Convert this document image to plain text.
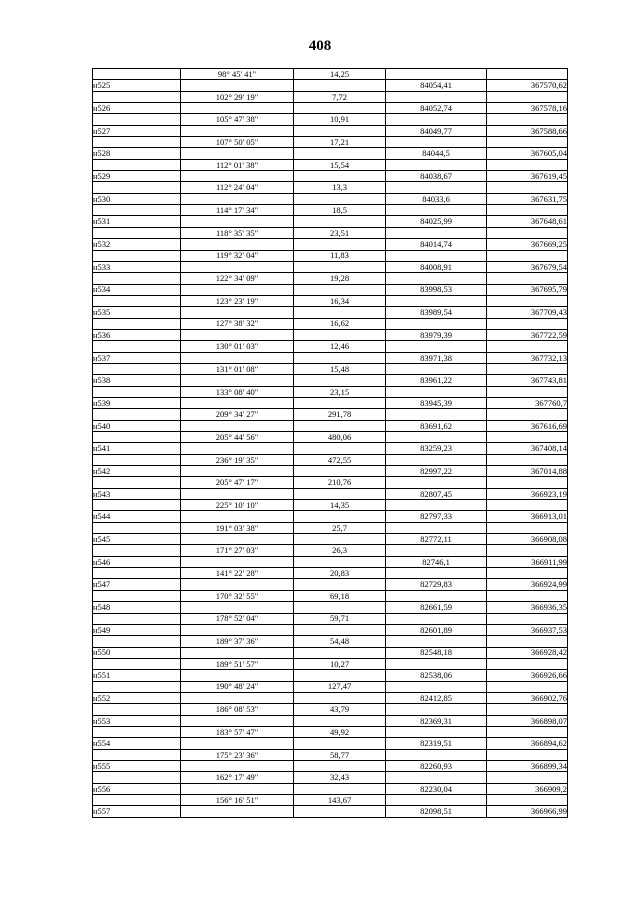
408
	98° 45' 41"	14,25		
н525			84054,41	367570,62
	102° 29' 19"	7,72		
н526			84052,74	367578,16
	105° 47' 38"	10,91		
н527			84049,77	367588,66
	107° 50' 05"	17,21		
н528			84044,5	367605,04
	112° 01' 38"	15,54		
н529			84038,67	367619,45
	112° 24' 04"	13,3		
н530			84033,6	367631,75
	114° 17' 34"	18,5		
н531			84025,99	367648,61
	118° 35' 35"	23,51		
н532			84014,74	367669,25
	119° 32' 04"	11,83		
н533			84008,91	367679,54
	122° 34' 09"	19,28		
н534			83998,53	367695,79
	123° 23' 19"	16,34		
н535			83989,54	367709,43
	127° 38' 32"	16,62		
н536			83979,39	367722,59
	130° 01' 03"	12,46		
н537			83971,38	367732,13
	131° 01' 08"	15,48		
н538			83961,22	367743,81
	133° 08' 40"	23,15		
н539			83945,39	367760,7
	209° 34' 27"	291,78		
н540			83691,62	367616,69
	205° 44' 56"	480,06		
н541			83259,23	367408,14
	236° 19' 35"	472,55		
н542			82997,22	367014,88
	205° 47' 17"	210,76		
н543			82807,45	366923,19
	225° 10' 10"	14,35		
н544			82797,33	366913,01
	191° 03' 38"	25,7		
н545			82772,11	366908,08
	171° 27' 03"	26,3		
н546			82746,1	366911,99
	141° 22' 28"	20,83		
н547			82729,83	366924,99
	170° 32' 55"	69,18		
н548			82661,59	366936,35
	178° 52' 04"	59,71		
н549			82601,89	366937,53
	189° 37' 36"	54,48		
н550			82548,18	366928,42
	189° 51' 57"	10,27		
н551			82538,06	366926,66
	190° 48' 24"	127,47		
н552			82412,85	366902,76
	186° 08' 53"	43,79		
н553			82369,31	366898,07
	183° 57' 47"	49,92		
н554			82319,51	366894,62
	175° 23' 36"	58,77		
н555			82260,93	366899,34
	162° 17' 49"	32,43		
н556			82230,04	366909,2
	156° 16' 51"	143,67		
н557			82098,51	366966,99
